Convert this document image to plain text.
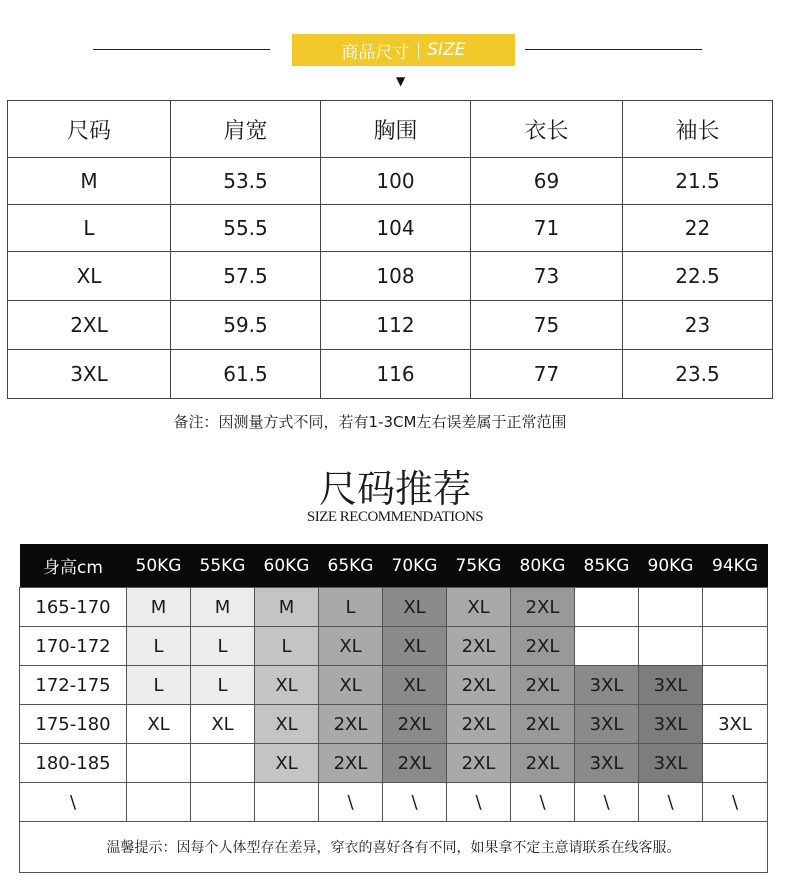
商品尺寸 | SIZE
▼
尺码	肩宽	胸围	衣长	袖长
M	53.5	100	69	21.5
L	55.5	104	71	22
XL	57.5	108	73	22.5
2XL	59.5	112	75	23
3XL	61.5	116	77	23.5
备注：因测量方式不同，若有1-3CM左右误差属于正常范围
尺码推荐
SIZE RECOMMENDATIONS
身高cm	50KG	55KG	60KG	65KG	70KG	75KG	80KG	85KG	90KG	94KG
165-170	M	M	M	L	XL	XL	2XL			
170-172	L	L	L	XL	XL	2XL	2XL			
172-175	L	L	XL	XL	XL	2XL	2XL	3XL	3XL	
175-180	XL	XL	XL	2XL	2XL	2XL	2XL	3XL	3XL	3XL
180-185			XL	2XL	2XL	2XL	2XL	3XL	3XL	
\				\	\	\	\	\	\	\
温馨提示：因每个人体型存在差异，穿衣的喜好各有不同，如果拿不定主意请联系在线客服。										
